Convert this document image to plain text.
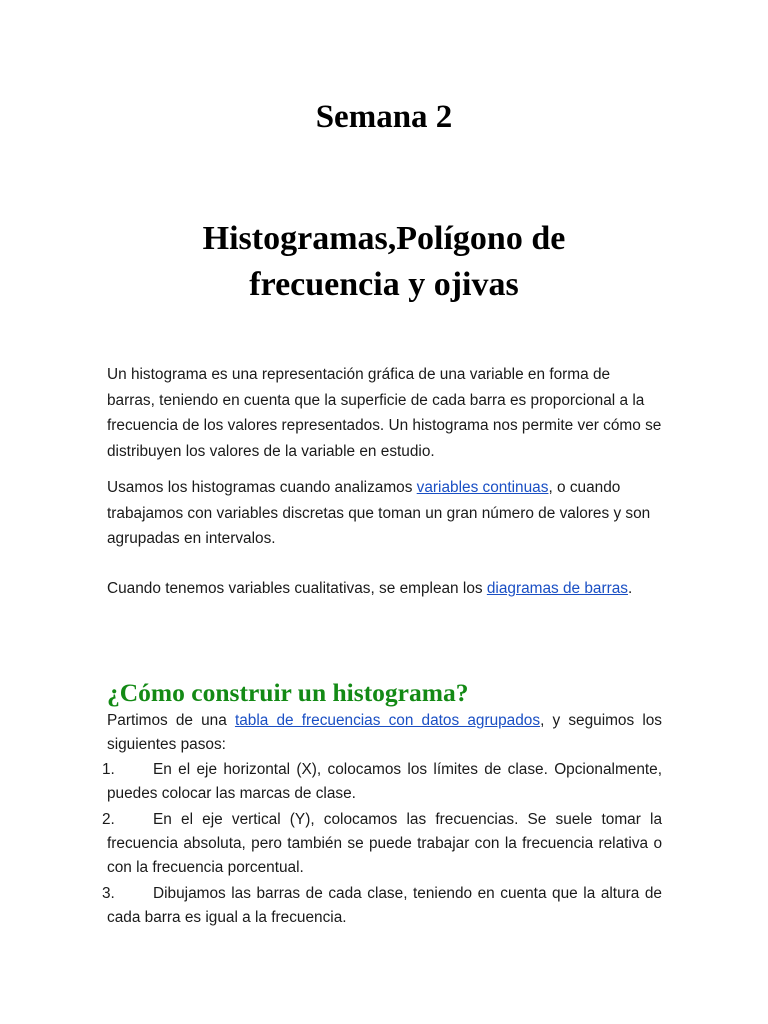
Semana 2
Histogramas,Polígono de
frecuencia y ojivas

Un histograma es una representación gráfica de una variable en forma de barras, teniendo en cuenta que la superficie de cada barra es proporcional a la frecuencia de los valores representados. Un histograma nos permite ver cómo se distribuyen los valores de la variable en estudio.

Usamos los histogramas cuando analizamos variables continuas, o cuando trabajamos con variables discretas que toman un gran número de valores y son agrupadas en intervalos.

Cuando tenemos variables cualitativas, se emplean los diagramas de barras.

¿Cómo construir un histograma?

Partimos de una tabla de frecuencias con datos agrupados, y seguimos los siguientes pasos:

1.	En el eje horizontal (X), colocamos los límites de clase. Opcionalmente, puedes colocar las marcas de clase.
2.	En el eje vertical (Y), colocamos las frecuencias. Se suele tomar la frecuencia absoluta, pero también se puede trabajar con la frecuencia relativa o con la frecuencia porcentual.
3.	Dibujamos las barras de cada clase, teniendo en cuenta que la altura de cada barra es igual a la frecuencia.
